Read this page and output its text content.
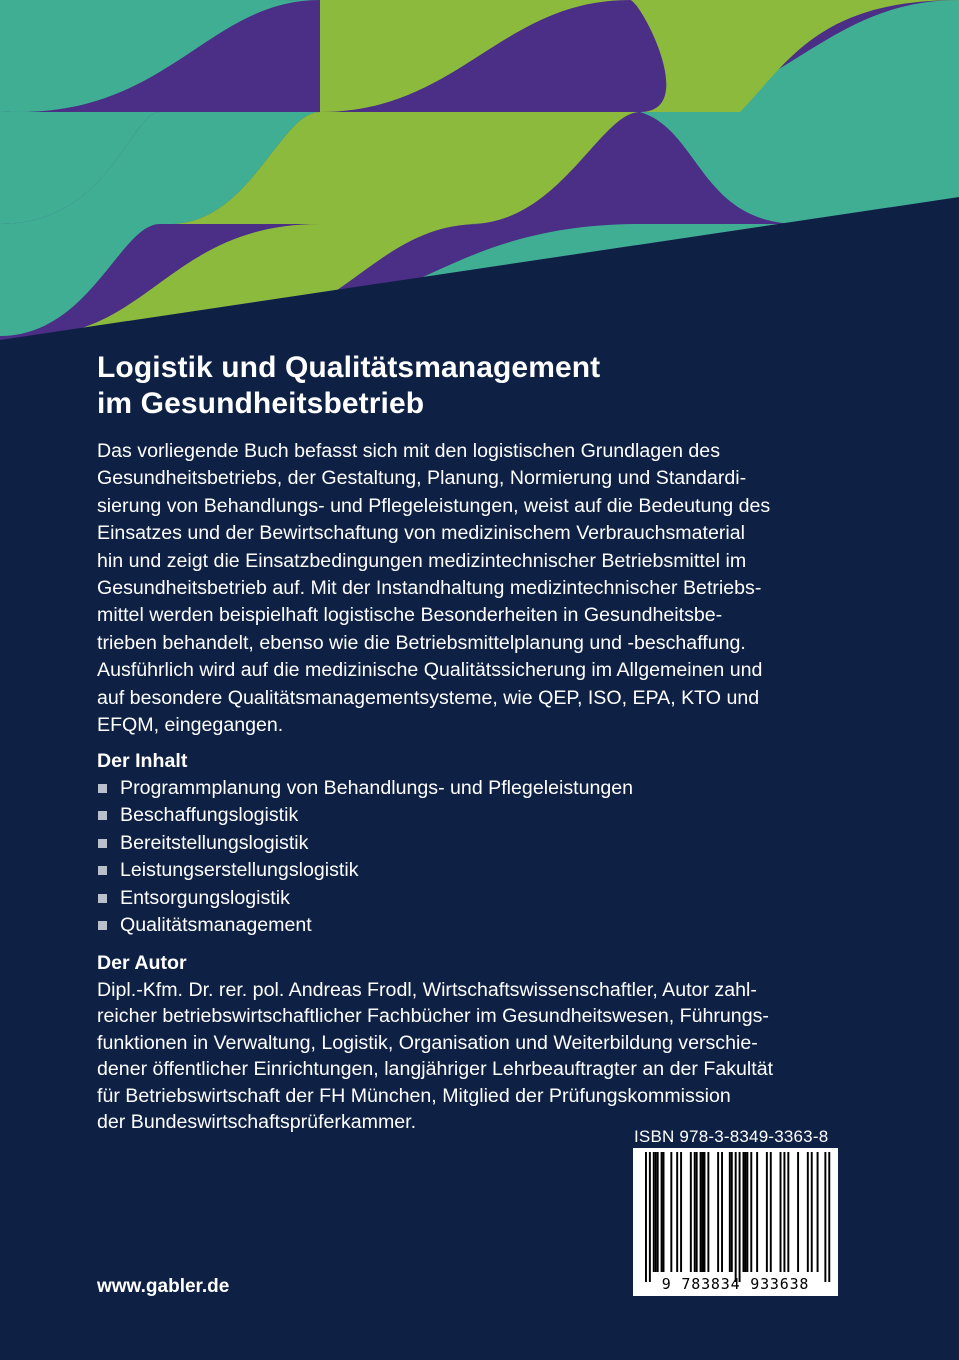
Logistik und Qualitätsmanagement
im Gesundheitsbetrieb

Das vorliegende Buch befasst sich mit den logistischen Grundlagen des
Gesundheitsbetriebs, der Gestaltung, Planung, Normierung und Standardi-
sierung von Behandlungs- und Pflegeleistungen, weist auf die Bedeutung des
Einsatzes und der Bewirtschaftung von medizinischem Verbrauchsmaterial
hin und zeigt die Einsatzbedingungen medizintechnischer Betriebsmittel im
Gesundheitsbetrieb auf. Mit der Instandhaltung medizintechnischer Betriebs-
mittel werden beispielhaft logistische Besonderheiten in Gesundheitsbe-
trieben behandelt, ebenso wie die Betriebsmittelplanung und -beschaffung.
Ausführlich wird auf die medizinische Qualitätssicherung im Allgemeinen und
auf besondere Qualitätsmanagementsysteme, wie QEP, ISO, EPA, KTO und
EFQM, eingegangen.

Der Inhalt
Programmplanung von Behandlungs- und Pflegeleistungen
Beschaffungslogistik
Bereitstellungslogistik
Leistungserstellungslogistik
Entsorgungslogistik
Qualitätsmanagement
Der Autor

Dipl.-Kfm. Dr. rer. pol. Andreas Frodl, Wirtschaftswissenschaftler, Autor zahl-
reicher betriebswirtschaftlicher Fachbücher im Gesundheitswesen, Führungs-
funktionen in Verwaltung, Logistik, Organisation und Weiterbildung verschie-
dener öffentlicher Einrichtungen, langjähriger Lehrbeauftragter an der Fakultät
für Betriebswirtschaft der FH München, Mitglied der Prüfungskommission
der Bundeswirtschaftsprüferkammer.

ISBN 978-3-8349-3363-8
9 783834 933638
www.gabler.de
